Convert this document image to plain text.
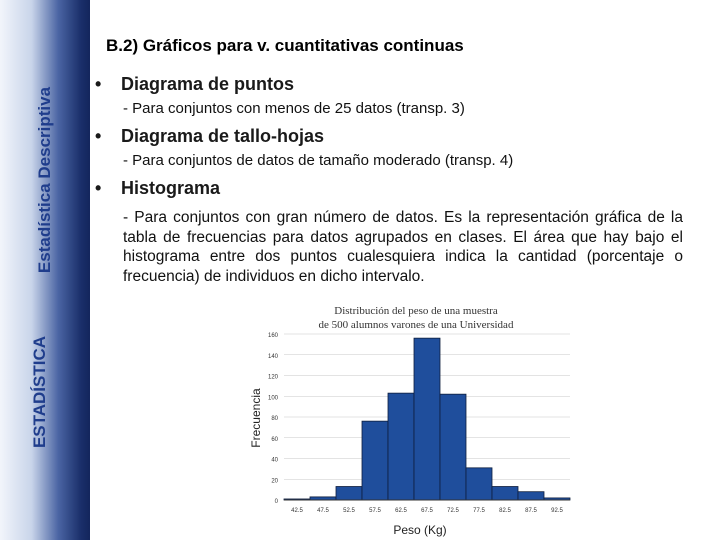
Estadística Descriptiva
ESTADÍSTICA
B.2) Gráficos para v. cuantitativas continuas
• Diagrama de puntos
- Para conjuntos con menos de 25 datos (transp. 3)
• Diagrama de tallo-hojas
- Para conjuntos de datos de tamaño moderado (transp. 4)
• Histograma
- Para conjuntos con gran número de datos. Es la representación gráfica de la tabla de frecuencias para datos agrupados en clases. El área que hay bajo el histograma entre dos puntos cualesquiera indica la cantidad (porcentaje o frecuencia) de individuos en dicho intervalo.
Distribución del peso de una muestra
de 500 alumnos varones de una Universidad
0
20
40
60
80
100
120
140
160
42.5 47.5 52.5 57.5 62.5 67.5 72.5 77.5 82.5 87.5 92.5
Frecuencia
Peso (Kg)
